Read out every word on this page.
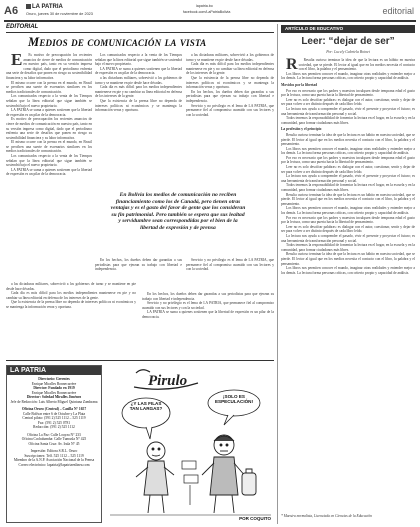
A6	LA PATRIA
Oruro, jueves 30 de noviembre de 2023
lapatria.bo
facebook.com/LaPatriaBolivia	editorial
EDITORIAL
Medios de comunicación la vista

E Es motivo de preocupación los recientes anuncios de cierre de medios de comunicación en nuestro país, tanto en su versión impresa como digital, dado que el periodismo enfrenta una serie de desafíos que ponen en riesgo su sostenibilidad financiera y su labor informativa.

El mismo ocurre con la prensa en el mundo, en Brasil se perciben una suerte de escenarios similares en los medios tradicionales de comunicación.

Los comunicados respecto a la venta de los Tiempos señalan que la línea editorial que sigue también se sostendrá bajo el nuevo propietario.

LA PATRIA se suma a quienes sostienen que la libertad de expresión es un pilar de la democracia.

Es motivo de preocupación los recientes anuncios de cierre de medios de comunicación en nuestro país, tanto en su versión impresa como digital, dado que el periodismo enfrenta una serie de desafíos que ponen en riesgo su sostenibilidad financiera y su labor informativa.

El mismo ocurre con la prensa en el mundo, en Brasil se perciben una suerte de escenarios similares en los medios tradicionales de comunicación.

Los comunicados respecto a la venta de los Tiempos señalan que la línea editorial que sigue también se sostendrá bajo el nuevo propietario.

LA PATRIA se suma a quienes sostienen que la libertad de expresión es un pilar de la democracia.

Los comunicados respecto a la venta de los Tiempos señalan que la línea editorial que sigue también se sostendrá bajo el nuevo propietario.

LA PATRIA se suma a quienes sostienen que la libertad de expresión es un pilar de la democracia.

a las dictaduras militares, sobrevivió a los gobiernos de turno y se mantiene en pie desde hace décadas.

Cada día es más difícil para los medios independientes mantenerse en pie y no cambiar su línea editorial en defensa de los intereses de la gente.

Que la existencia de la prensa libre no dependa de intereses políticos ni económicos y se mantenga la información veraz y oportuna.

a las dictaduras militares, sobrevivió a los gobiernos de turno y se mantiene en pie desde hace décadas.

Cada día es más difícil para los medios independientes mantenerse en pie y no cambiar su línea editorial en defensa de los intereses de la gente.

Que la existencia de la prensa libre no dependa de intereses políticos ni económicos y se mantenga la información veraz y oportuna.

En los hechos, los dueños deben dar garantías a sus periodistas para que ejerzan su trabajo con libertad e independencia.

Servicio y no privilegio es el lema de LA PATRIA, que permanece fiel al compromiso asumido con sus lectores y con la sociedad.

En Bolivia los medios de comunicación no reciben financiamiento como los de Canadá, pero tienen otras ventajas y es el gasto del favor de gente que los consideran su fin patrimonial. Pero también se espera que sus lealtad y servidumbre sean correspondidas por el bien de la libertad de expresión y de prensa

En los hechos, los dueños deben dar garantías a sus periodistas para que ejerzan su trabajo con libertad e independencia.

Servicio y no privilegio es el lema de LA PATRIA, que permanece fiel al compromiso asumido con sus lectores y con la sociedad.

a las dictaduras militares, sobrevivió a los gobiernos de turno y se mantiene en pie desde hace décadas.

Cada día es más difícil para los medios independientes mantenerse en pie y no cambiar su línea editorial en defensa de los intereses de la gente.

Que la existencia de la prensa libre no dependa de intereses políticos ni económicos y se mantenga la información veraz y oportuna.

En los hechos, los dueños deben dar garantías a sus periodistas para que ejerzan su trabajo con libertad e independencia.

Servicio y no privilegio es el lema de LA PATRIA, que permanece fiel al compromiso asumido con sus lectores y con la sociedad.

LA PATRIA se suma a quienes sostienen que la libertad de expresión es un pilar de la democracia.

ARTÍCULO DE EDUCATIVO
Leer: “dejar de ser”
Por: Lucely Gabriela Boinet

R Resulta curioso terminar la idea de que la lectura es un hábito en nuestra sociedad, que se pierde. El lector al igual que en los medios necesita el contacto con el libro, la palabra y el pensamiento.

Los libros nos permiten conocer el mundo, imaginar otras realidades y entender mejor a los demás. La lectura forma personas críticas, con criterio propio y capacidad de análisis.

Movidos por la libertad

Por eso es necesario que los padres y maestros inculquen desde temprana edad el gusto por la lectura, como una puerta hacia la libertad de pensamiento.

Leer no es solo descifrar palabras: es dialogar con el autor, cuestionar, sentir y dejar de ser para volver a ser distinto después de cada libro leído.

La lectura nos ayuda a comprender el pasado, vivir el presente y proyectar el futuro; es una herramienta de transformación personal y social.

Todos tenemos la responsabilidad de fomentar la lectura en el hogar, en la escuela y en la comunidad, para formar ciudadanos más libres.

La profesión y el principio

Resulta curioso terminar la idea de que la lectura es un hábito en nuestra sociedad, que se pierde. El lector al igual que en los medios necesita el contacto con el libro, la palabra y el pensamiento.

Los libros nos permiten conocer el mundo, imaginar otras realidades y entender mejor a los demás. La lectura forma personas críticas, con criterio propio y capacidad de análisis.

Por eso es necesario que los padres y maestros inculquen desde temprana edad el gusto por la lectura, como una puerta hacia la libertad de pensamiento.

Leer no es solo descifrar palabras: es dialogar con el autor, cuestionar, sentir y dejar de ser para volver a ser distinto después de cada libro leído.

La lectura nos ayuda a comprender el pasado, vivir el presente y proyectar el futuro; es una herramienta de transformación personal y social.

Todos tenemos la responsabilidad de fomentar la lectura en el hogar, en la escuela y en la comunidad, para formar ciudadanos más libres.

Resulta curioso terminar la idea de que la lectura es un hábito en nuestra sociedad, que se pierde. El lector al igual que en los medios necesita el contacto con el libro, la palabra y el pensamiento.

Los libros nos permiten conocer el mundo, imaginar otras realidades y entender mejor a los demás. La lectura forma personas críticas, con criterio propio y capacidad de análisis.

Por eso es necesario que los padres y maestros inculquen desde temprana edad el gusto por la lectura, como una puerta hacia la libertad de pensamiento.

Leer no es solo descifrar palabras: es dialogar con el autor, cuestionar, sentir y dejar de ser para volver a ser distinto después de cada libro leído.

La lectura nos ayuda a comprender el pasado, vivir el presente y proyectar el futuro; es una herramienta de transformación personal y social.

Todos tenemos la responsabilidad de fomentar la lectura en el hogar, en la escuela y en la comunidad, para formar ciudadanos más libres.

Resulta curioso terminar la idea de que la lectura es un hábito en nuestra sociedad, que se pierde. El lector al igual que en los medios necesita el contacto con el libro, la palabra y el pensamiento.

Los libros nos permiten conocer el mundo, imaginar otras realidades y entender mejor a los demás. La lectura forma personas críticas, con criterio propio y capacidad de análisis.

* Maestra normalista, Licenciada en Ciencias de la Educación
LA PATRIA
Directorio: Gerentes
Enrique Miralles Bonnecarrère
Director: Fundado en 1919
Enrique Miralles Bonnecarrère
Director: Soledad Miralles Jiménez
Jefe de Redacción: Luis Alberto Miguel Quintana Zambrana
Oficina Oruro (Central) – Casilla N° 1657
Calle Bolívar entre 6 de Octubre y La Plata
Central piloto: (591 2) 525 1112 – 525 1119
Fax: (591 2) 525 0781
Redacción: (591 2) 525 1112
Oficina La Paz: Calle Loayza N° 233
Oficina Cochabamba: Calle Tumusla N° 425
Oficina Santa Cruz: Av. Irala N° 45
Impresión: Editora S.R.L. Oruro
Suscripciones: Telf. 525 1112 – 525 1119
Miembro de la A.N.P. Asociación Nacional de la Prensa
Correo electrónico: lapatria@lapatriaenlinea.com
Pirulo
¿Y LAS FILAS TAN LARGAS?
¡SOLO ES ESPECULACIÓN!
POR COQUITO
